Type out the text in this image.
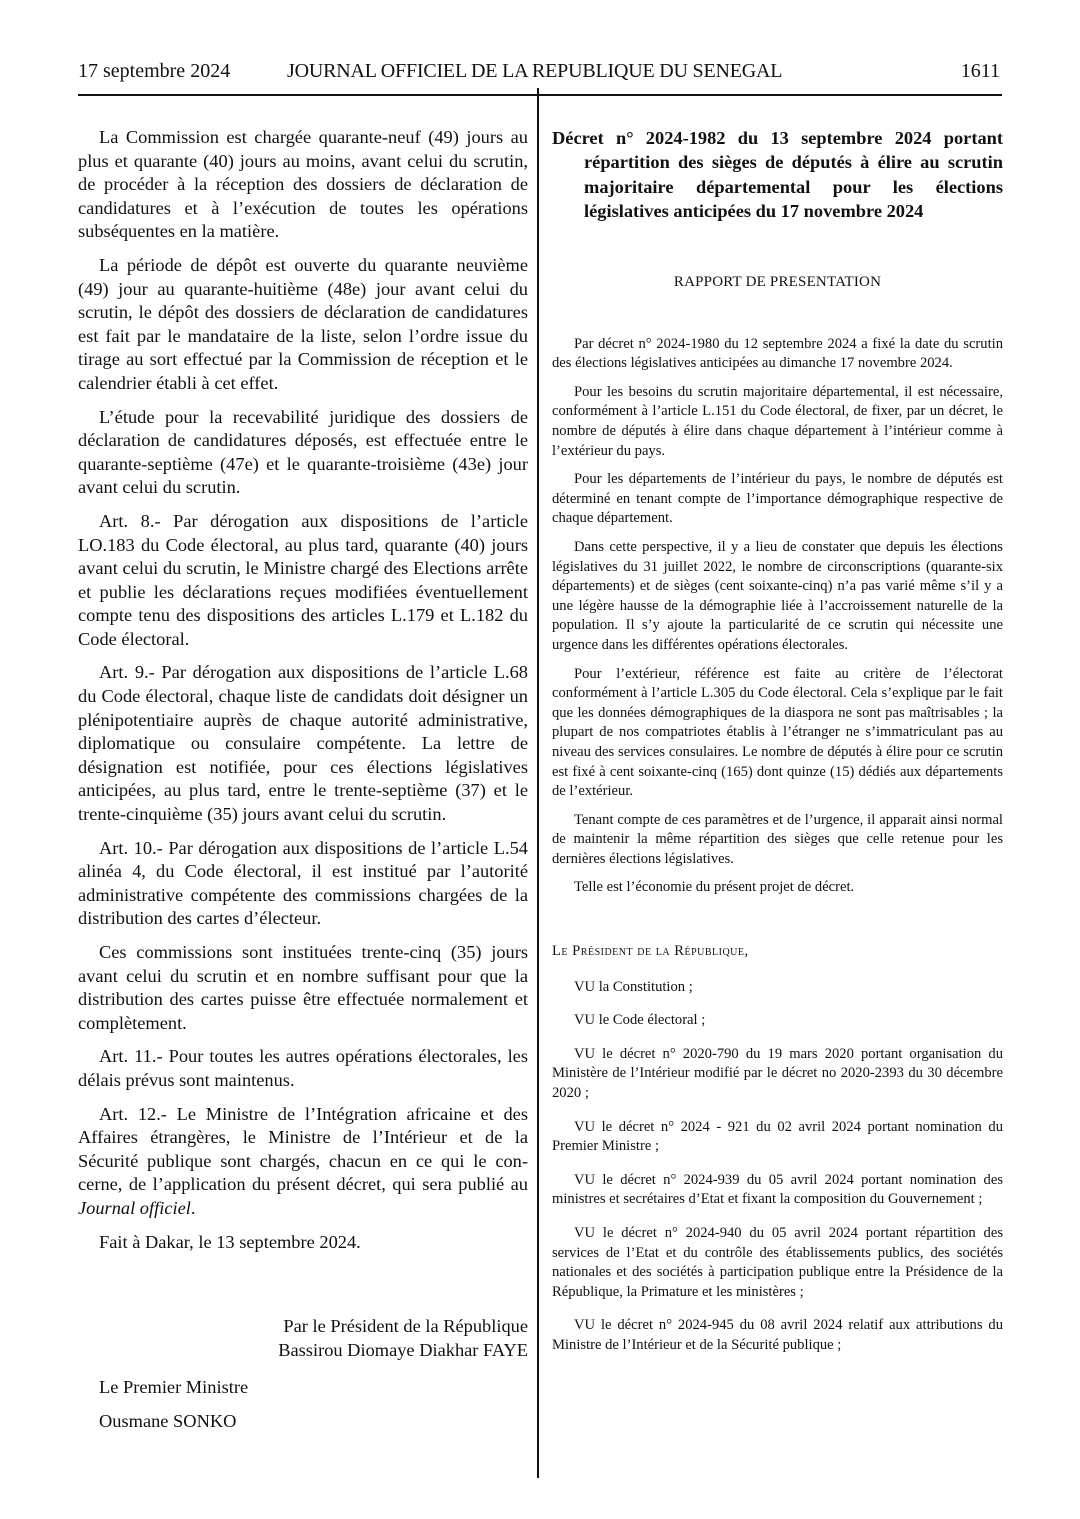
17 septembre 2024	JOURNAL OFFICIEL DE LA REPUBLIQUE DU SENEGAL	1611

La Commission est chargée quarante-neuf (49) jours au plus et quarante (40) jours au moins, avant celui du scrutin, de procéder à la réception des dossiers de déclaration de candidatures et à l’exécution de toutes les opérations subséquentes en la matière.

La période de dépôt est ouverte du quarante neuvième (49) jour au quarante-huitième (48e) jour avant celui du scrutin, le dépôt des dossiers de déclaration de candidatures est fait par le mandataire de la liste, selon l’ordre issue du tirage au sort effectué par la Commission de réception et le calendrier établi à cet effet.

L’étude pour la recevabilité juridique des dossiers de déclaration de candidatures déposés, est effectuée entre le quarante-septième (47e) et le quarante-troisième (43e) jour avant celui du scrutin.

Art. 8.- Par dérogation aux dispositions de l’article LO.183 du Code électoral, au plus tard, quarante (40) jours avant celui du scrutin, le Ministre chargé des Elections arrête et publie les déclarations reçues modifiées éventuellement compte tenu des dispositions des articles L.179 et L.182 du Code électoral.

Art. 9.- Par dérogation aux dispositions de l’article L.68 du Code électoral, chaque liste de candidats doit désigner un plénipotentiaire auprès de chaque autorité administrative, diplomatique ou consulaire compétente. La lettre de désignation est notifiée, pour ces élections législatives anticipées, au plus tard, entre le trente-septième (37) et le trente-cinquième (35) jours avant celui du scrutin.

Art. 10.- Par dérogation aux dispositions de l’article L.54 alinéa 4, du Code électoral, il est institué par l’autorité administrative compétente des commissions chargées de la distribution des cartes d’électeur.

Ces commissions sont instituées trente-cinq (35) jours avant celui du scrutin et en nombre suffisant pour que la distribution des cartes puisse être effectuée normalement et complètement.

Art. 11.- Pour toutes les autres opérations électorales, les délais prévus sont maintenus.

Art. 12.- Le Ministre de l’Intégration africaine et des Affaires étrangères, le Ministre de l’Intérieur et de la Sécurité publique sont chargés, chacun en ce qui le concerne, de l’application du présent décret, qui sera publié au Journal officiel.

Fait à Dakar, le 13 septembre 2024.

Par le Président de la République
Bassirou Diomaye Diakhar FAYE

Le Premier Ministre

Ousmane SONKO

Décret n° 2024-1982 du 13 septembre 2024 portant répartition des sièges de députés à élire au scrutin majoritaire départemental pour les élections législatives anticipées du 17 novembre 2024

RAPPORT DE PRESENTATION

Par décret n° 2024-1980 du 12 septembre 2024 a fixé la date du scrutin des élections législatives anticipées au dimanche 17 novembre 2024.

Pour les besoins du scrutin majoritaire départemental, il est nécessaire, conformément à l’article L.151 du Code électoral, de fixer, par un décret, le nombre de députés à élire dans chaque département à l’intérieur comme à l’extérieur du pays.

Pour les départements de l’intérieur du pays, le nombre de députés est déterminé en tenant compte de l’importance démographique respective de chaque département.

Dans cette perspective, il y a lieu de constater que depuis les élections législatives du 31 juillet 2022, le nombre de circonscriptions (quarante-six départements) et de sièges (cent soixante-cinq) n’a pas varié même s’il y a une légère hausse de la démographie liée à l’accroissement naturelle de la population. Il s’y ajoute la particularité de ce scrutin qui nécessite une urgence dans les différentes opérations électorales.

Pour l’extérieur, référence est faite au critère de l’électorat conformément à l’article L.305 du Code électoral. Cela s’explique par le fait que les données démographiques de la diaspora ne sont pas maîtrisables ; la plupart de nos compatriotes établis à l’étranger ne s’immatriculant pas au niveau des services consulaires. Le nombre de députés à élire pour ce scrutin est fixé à cent soixante-cinq (165) dont quinze (15) dédiés aux départements de l’extérieur.

Tenant compte de ces paramètres et de l’urgence, il apparait ainsi normal de maintenir la même répartition des sièges que celle retenue pour les dernières élections législatives.

Telle est l’économie du présent projet de décret.

Le Président de la République,

VU la Constitution ;

VU le Code électoral ;

VU le décret n° 2020-790 du 19 mars 2020 portant organisation du Ministère de l’Intérieur modifié par le décret no 2020-2393 du 30 décembre 2020 ;

VU le décret n° 2024 - 921 du 02 avril 2024 portant nomination du Premier Ministre ;

VU le décret n° 2024-939 du 05 avril 2024 portant nomination des ministres et secrétaires d’Etat et fixant la composition du Gouvernement ;

VU le décret n° 2024-940 du 05 avril 2024 portant répartition des services de l’Etat et du contrôle des établissements publics, des sociétés nationales et des sociétés à participation publique entre la Présidence de la République, la Primature et les ministères ;

VU le décret n° 2024-945 du 08 avril 2024 relatif aux attributions du Ministre de l’Intérieur et de la Sécurité publique ;
